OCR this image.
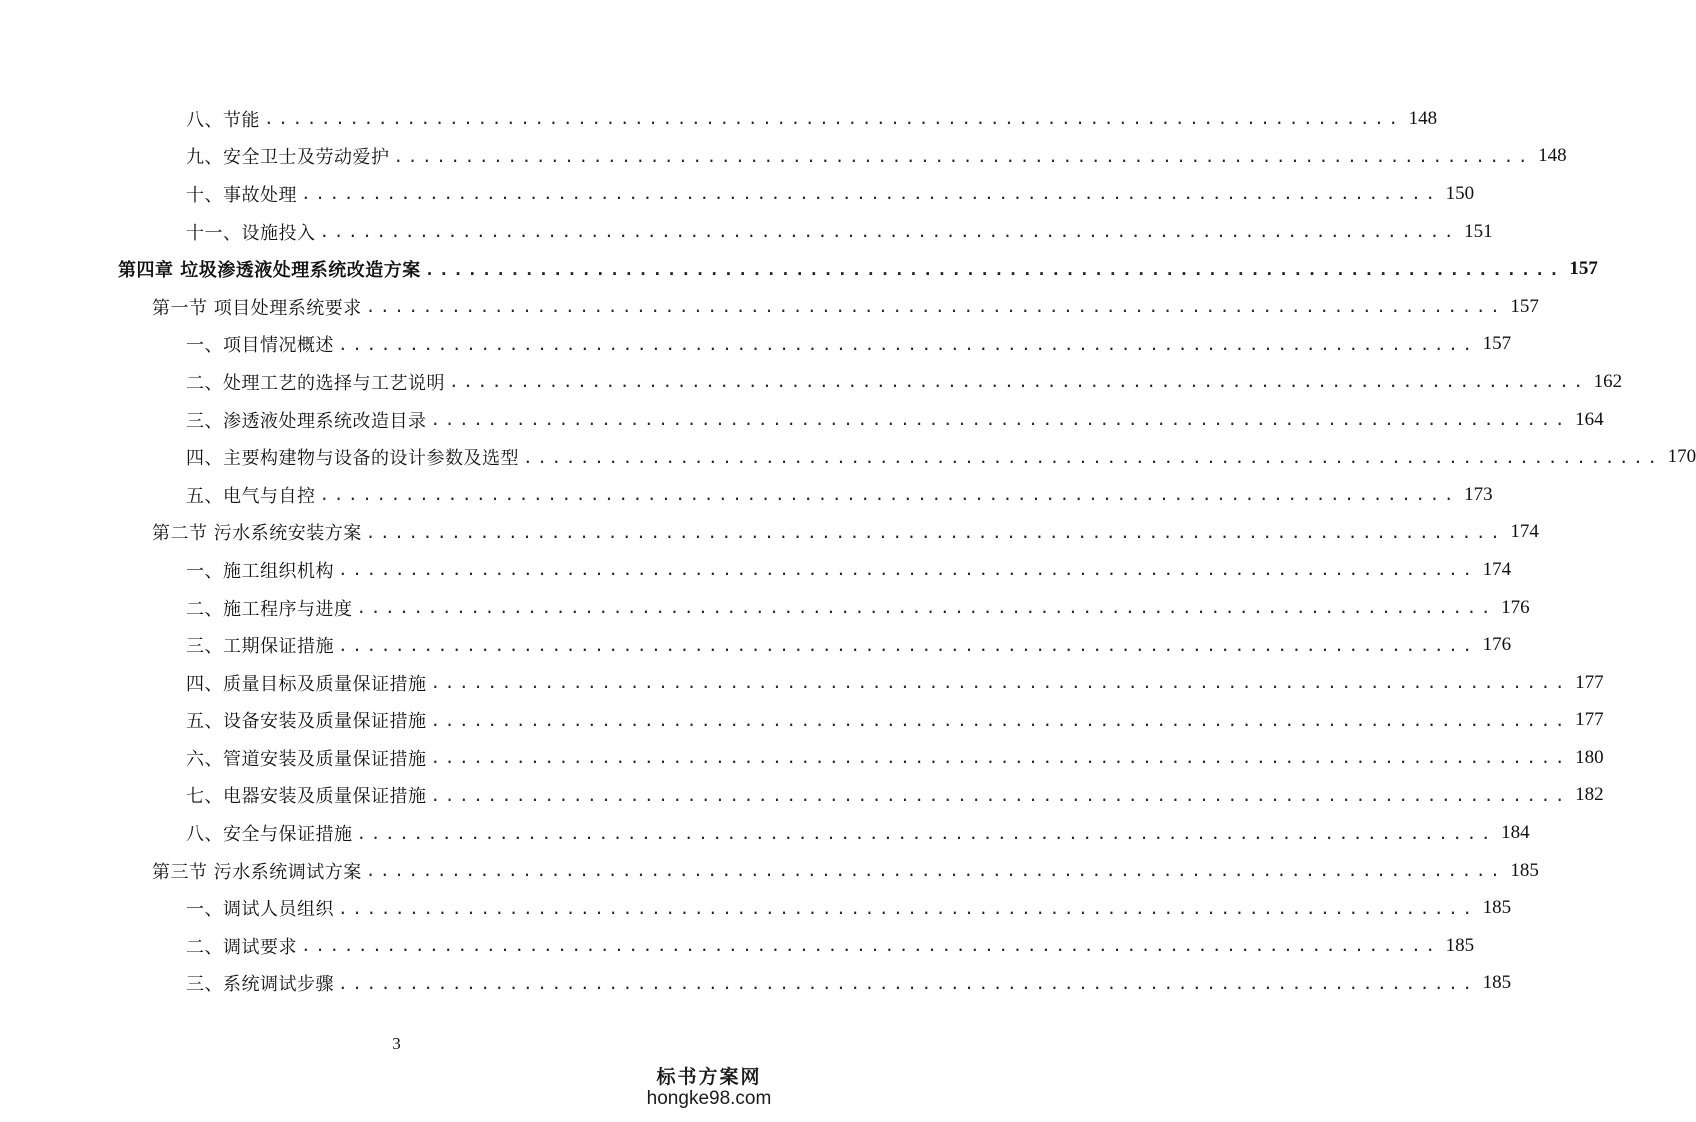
八、节能 ................................................................................ 148
九、安全卫士及劳动爱护 ................................................................................ 148
十、事故处理 ................................................................................ 150
十一、设施投入 ................................................................................ 151
第四章 垃圾渗透液处理系统改造方案 ................................................................................ 157
第一节 项目处理系统要求 ................................................................................ 157
一、项目情况概述 ................................................................................ 157
二、处理工艺的选择与工艺说明 ................................................................................ 162
三、渗透液处理系统改造目录 ................................................................................ 164
四、主要构建物与设备的设计参数及选型 ................................................................................ 170
五、电气与自控 ................................................................................ 173
第二节 污水系统安装方案 ................................................................................ 174
一、施工组织机构 ................................................................................ 174
二、施工程序与进度 ................................................................................ 176
三、工期保证措施 ................................................................................ 176
四、质量目标及质量保证措施 ................................................................................ 177
五、设备安装及质量保证措施 ................................................................................ 177
六、管道安装及质量保证措施 ................................................................................ 180
七、电器安装及质量保证措施 ................................................................................ 182
八、安全与保证措施 ................................................................................ 184
第三节 污水系统调试方案 ................................................................................ 185
一、调试人员组织 ................................................................................ 185
二、调试要求 ................................................................................ 185
三、系统调试步骤 ................................................................................ 185
3
标书方案网
hongke98.com
